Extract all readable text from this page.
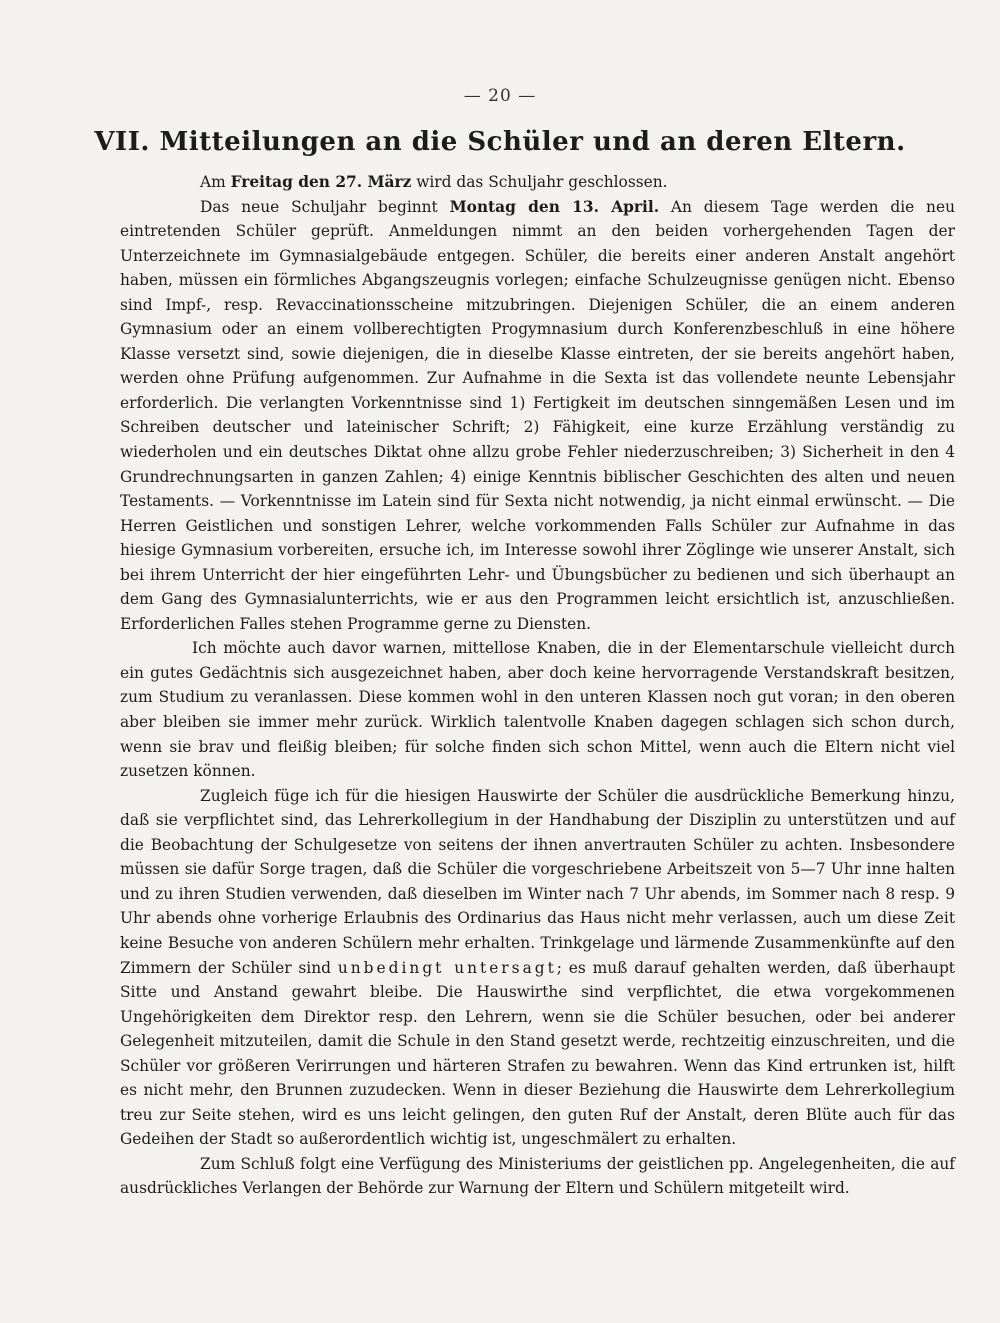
— 20 —
VII. Mitteilungen an die Schüler und an deren Eltern.

Am Freitag den 27. März wird das Schuljahr geschlossen.

Das neue Schuljahr beginnt Montag den 13. April. An diesem Tage werden die neu eintretenden Schüler geprüft. Anmeldungen nimmt an den beiden vorhergehenden Tagen der Unterzeichnete im Gymnasialgebäude entgegen. Schüler, die bereits einer anderen Anstalt angehört haben, müssen ein förmliches Abgangszeugnis vorlegen; einfache Schulzeugnisse genügen nicht. Ebenso sind Impf-, resp. Revaccinationsscheine mitzubringen. Diejenigen Schüler, die an einem anderen Gymnasium oder an einem vollberechtigten Progymnasium durch Konferenzbeschluß in eine höhere Klasse versetzt sind, sowie diejenigen, die in dieselbe Klasse eintreten, der sie bereits angehört haben, werden ohne Prüfung aufgenommen. Zur Aufnahme in die Sexta ist das vollendete neunte Lebensjahr erforderlich. Die verlangten Vorkenntnisse sind 1) Fertigkeit im deutschen sinngemäßen Lesen und im Schreiben deutscher und lateinischer Schrift; 2) Fähigkeit, eine kurze Erzählung verständig zu wiederholen und ein deutsches Diktat ohne allzu grobe Fehler niederzuschreiben; 3) Sicherheit in den 4 Grundrechnungsarten in ganzen Zahlen; 4) einige Kenntnis biblischer Geschichten des alten und neuen Testaments. — Vorkenntnisse im Latein sind für Sexta nicht notwendig, ja nicht einmal erwünscht. — Die Herren Geistlichen und sonstigen Lehrer, welche vorkommenden Falls Schüler zur Aufnahme in das hiesige Gymnasium vorbereiten, ersuche ich, im Interesse sowohl ihrer Zöglinge wie unserer Anstalt, sich bei ihrem Unterricht der hier eingeführten Lehr- und Übungsbücher zu bedienen und sich überhaupt an dem Gang des Gymnasialunterrichts, wie er aus den Programmen leicht ersichtlich ist, anzuschließen. Erforderlichen Falles stehen Programme gerne zu Diensten.

Ich möchte auch davor warnen, mittellose Knaben, die in der Elementarschule vielleicht durch ein gutes Gedächtnis sich ausgezeichnet haben, aber doch keine hervorragende Verstandskraft besitzen, zum Studium zu veranlassen. Diese kommen wohl in den unteren Klassen noch gut voran; in den oberen aber bleiben sie immer mehr zurück. Wirklich talentvolle Knaben dagegen schlagen sich schon durch, wenn sie brav und fleißig bleiben; für solche finden sich schon Mittel, wenn auch die Eltern nicht viel zusetzen können.

Zugleich füge ich für die hiesigen Hauswirte der Schüler die ausdrückliche Bemerkung hinzu, daß sie verpflichtet sind, das Lehrerkollegium in der Handhabung der Disziplin zu unterstützen und auf die Beobachtung der Schulgesetze von seitens der ihnen anvertrauten Schüler zu achten. Insbesondere müssen sie dafür Sorge tragen, daß die Schüler die vorgeschriebene Arbeitszeit von 5—7 Uhr inne halten und zu ihren Studien verwenden, daß dieselben im Winter nach 7 Uhr abends, im Sommer nach 8 resp. 9 Uhr abends ohne vorherige Erlaubnis des Ordinarius das Haus nicht mehr verlassen, auch um diese Zeit keine Besuche von anderen Schülern mehr erhalten. Trinkgelage und lärmende Zusammenkünfte auf den Zimmern der Schüler sind unbedingt untersagt; es muß darauf gehalten werden, daß überhaupt Sitte und Anstand gewahrt bleibe. Die Hauswirthe sind verpflichtet, die etwa vorgekommenen Ungehörigkeiten dem Direktor resp. den Lehrern, wenn sie die Schüler besuchen, oder bei anderer Gelegenheit mitzuteilen, damit die Schule in den Stand gesetzt werde, rechtzeitig einzuschreiten, und die Schüler vor größeren Verirrungen und härteren Strafen zu bewahren. Wenn das Kind ertrunken ist, hilft es nicht mehr, den Brunnen zuzudecken. Wenn in dieser Beziehung die Hauswirte dem Lehrerkollegium treu zur Seite stehen, wird es uns leicht gelingen, den guten Ruf der Anstalt, deren Blüte auch für das Gedeihen der Stadt so außerordentlich wichtig ist, ungeschmälert zu erhalten.

Zum Schluß folgt eine Verfügung des Ministeriums der geistlichen pp. Angelegenheiten, die auf ausdrückliches Verlangen der Behörde zur Warnung der Eltern und Schülern mitgeteilt wird.
